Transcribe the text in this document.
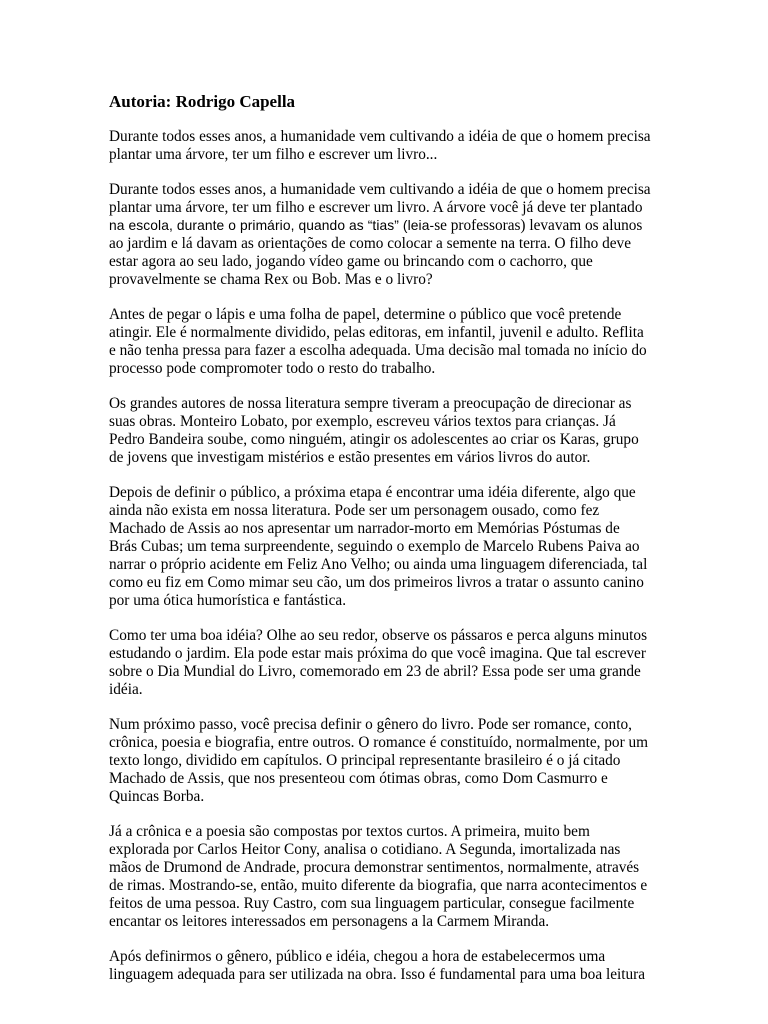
Autoria: Rodrigo Capella
Durante todos esses anos, a humanidade vem cultivando a idéia de que o homem precisa
plantar uma árvore, ter um filho e escrever um livro...
Durante todos esses anos, a humanidade vem cultivando a idéia de que o homem precisa
plantar uma árvore, ter um filho e escrever um livro. A árvore você já deve ter plantado
na escola, durante o primário, quando as “tias” (leia-se professoras) levavam os alunos
ao jardim e lá davam as orientações de como colocar a semente na terra. O filho deve
estar agora ao seu lado, jogando vídeo game ou brincando com o cachorro, que
provavelmente se chama Rex ou Bob. Mas e o livro?
Antes de pegar o lápis e uma folha de papel, determine o público que você pretende
atingir. Ele é normalmente dividido, pelas editoras, em infantil, juvenil e adulto. Reflita
e não tenha pressa para fazer a escolha adequada. Uma decisão mal tomada no início do
processo pode compromoter todo o resto do trabalho.
Os grandes autores de nossa literatura sempre tiveram a preocupação de direcionar as
suas obras. Monteiro Lobato, por exemplo, escreveu vários textos para crianças. Já
Pedro Bandeira soube, como ninguém, atingir os adolescentes ao criar os Karas, grupo
de jovens que investigam mistérios e estão presentes em vários livros do autor.
Depois de definir o público, a próxima etapa é encontrar uma idéia diferente, algo que
ainda não exista em nossa literatura. Pode ser um personagem ousado, como fez
Machado de Assis ao nos apresentar um narrador-morto em Memórias Póstumas de
Brás Cubas; um tema surpreendente, seguindo o exemplo de Marcelo Rubens Paiva ao
narrar o próprio acidente em Feliz Ano Velho; ou ainda uma linguagem diferenciada, tal
como eu fiz em Como mimar seu cão, um dos primeiros livros a tratar o assunto canino
por uma ótica humorística e fantástica.
Como ter uma boa idéia? Olhe ao seu redor, observe os pássaros e perca alguns minutos
estudando o jardim. Ela pode estar mais próxima do que você imagina. Que tal escrever
sobre o Dia Mundial do Livro, comemorado em 23 de abril? Essa pode ser uma grande
idéia.
Num próximo passo, você precisa definir o gênero do livro. Pode ser romance, conto,
crônica, poesia e biografia, entre outros. O romance é constituído, normalmente, por um
texto longo, dividido em capítulos. O principal representante brasileiro é o já citado
Machado de Assis, que nos presenteou com ótimas obras, como Dom Casmurro e
Quincas Borba.
Já a crônica e a poesia são compostas por textos curtos. A primeira, muito bem
explorada por Carlos Heitor Cony, analisa o cotidiano. A Segunda, imortalizada nas
mãos de Drumond de Andrade, procura demonstrar sentimentos, normalmente, através
de rimas. Mostrando-se, então, muito diferente da biografia, que narra acontecimentos e
feitos de uma pessoa. Ruy Castro, com sua linguagem particular, consegue facilmente
encantar os leitores interessados em personagens a la Carmem Miranda.
Após definirmos o gênero, público e idéia, chegou a hora de estabelecermos uma
linguagem adequada para ser utilizada na obra. Isso é fundamental para uma boa leitura
